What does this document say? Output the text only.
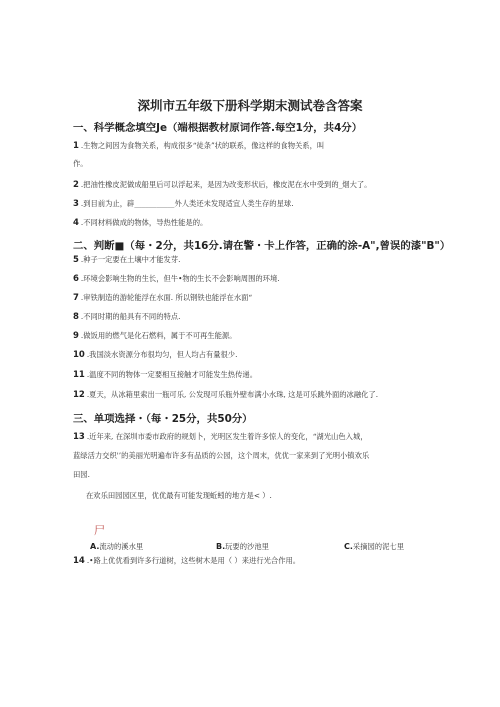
深圳市五年级下册科学期末测试卷含答案
一、科学概念填空Je（端根据教材原词作答.每空1分，共4分）
1 .生物之间因为食物关系，构成很多“徒条”状的联系，像这样的食物关系，叫
作。
2 .把油性橡皮泥做成船里后可以浮起来，是因为改变形状后，橡皮泥在水中受到的_烟大了。
3 .到目前为止，辟___________外人类还未发现适宜人类生存的星球.
4 .不同材料做成的物体，导热性能是的。
二、判断■（每・2分，共16分.请在警・卡上作答，正确的涂-A",曾误的漆"B"）
5 .种子一定要在土壤中才能发芽.
6 .环境会影响生物的生长，但牛•物的生长不会影响周围的环境.
7 .审铁制造的游轮能浮在水面. 所以钢铁也能浮在水面“
8 .不同时期的船具有不同的特点.
9 .做饭用的燃气是化石燃料，属于不可再生能源。
10 .我国淡水资源分布很均匀，但人均占有量很少.
11 .温度不同的物体一定要相互接触才可能发生热传递。
12 .夏天，从冰箱里索出一瓶可乐, 公发现可乐瓶外壁布满小水珠, 这是可乐跳外面的冰融化了.
三、单项选择・（每・25分，共50分）
13 .近年来, 在深圳市委市政府的规划卜，光明区发生着许多惊人的变化，“湖光山色入城，
蓝绿活力交织'’的美丽光明遍布许多有品质的公园，这个周末，优优一家来到了光明小镇欢乐
田园.
在欢乐田园园区里，优优最有可能发现蚯蚓的地方是< ）.
尸
A.流动的溪水里	B.玩要的沙池里	C.采摘园的泥七里
14 .•路上优优看到许多行道树，这些树木是用（ ）来进行光合作用。
